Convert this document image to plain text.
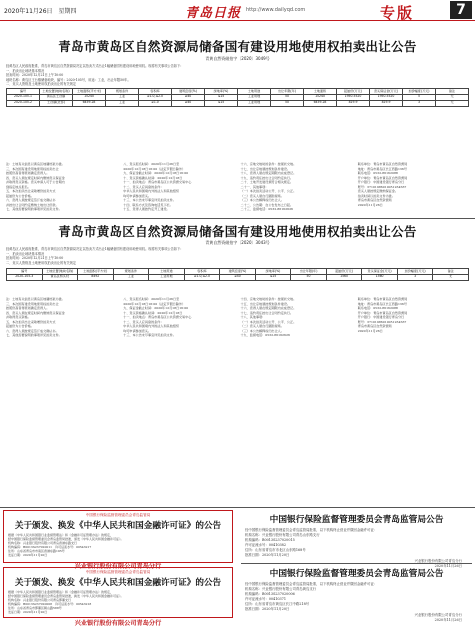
2020年11月26日　星期四	青岛日报 http://www.dailyqd.com	专版	7
青岛市黄岛区自然资源局储备国有建设用地使用权拍卖出让公告
青黄自然资储拍字〔2020〕3049号
经黄岛区人民政府批准，青岛市黄岛区自然资源局决定以拍卖方式出让1幅储备国有建设用地使用权。现将有关事项公告如下：
一、拍卖出让地块基本情况
拍卖时间：2020年12月21日上午10:00
地块名称：黄岛区王台镇储备地块，编号：2020-105号，用途：工业，出让年限50年。
二、竞买人资格及土地使用权拍卖出让的有关规定
编号	土地位置(地块名称)	土地面积(平方米)	规划条件	容积率	建筑密度(%)	绿地率(%)	土地用途	出让年限(年)	土地面积	起始价(万元)	竞买保证金(万元)	加价幅度(万元)	备注
2020-105-1	黄岛区王台镇	15240	工业	≥1.0,≤2.0	≥40	≤15	工业用地	50	15240	1950.5520	1950.5520	5	无
2020-105-2	王台镇(北部)	6459.28	工业	≥1.0	≥40	≤15	工业用地	50	6459.28	819.9	819.9	3	无
注：土地有关信息以黄岛区地籍档案为准。
三、本次国有建设用地使用权拍卖出让
按照价高者得原则确定竞得人。
四、竞买人须在规定时间内缴纳竞买保证金
并取得竞买资格。竞买申请人可于公告期内
到指定地点报名。
五、本次拍卖出让采取增价拍卖方式
起始价为公告价格。
六、竞得人须按规定签订成交确认书
并按出让合同约定缴纳土地出让价款。
七、其他需要说明的事项详见拍卖文件。
八、竞买报名时间：2020年11月26日至
2020年12月18日16:00（法定节假日除外）
九、保证金截止时间：2020年12月18日16:00
十、竞买资格确认时间：2020年12月18日
十一、拍卖地点：青岛市黄岛区公共资源交易中心
十二、竞买人应具备的条件：
中华人民共和国境内外的法人和其他组织
均可申请参加竞买。
十三、本公告未尽事宜详见拍卖文件。
十四、联系方式及咨询电话见下栏。
十五、竞得人须按约定开工建设。
十六、宗地交地时的条件：按现状交地。
十七、出让宗地须按规划条件建设。
十八、竞得人须在规定期限内完成登记。
十九、违约责任按出让合同约定执行。
二十、土地开发建设须符合相关规定。
二十一、其他事项：
（一）本次拍卖活动公开、公平、公正。
（二）竞买人须自行踏勘现场。
（三）本公告解释权归出让人。
二十二、公告期：自公告发布之日起。
二十三、监督电话：0532-86162626
联系单位：青岛市黄岛区自然资源局
地址：青岛市黄岛区长江西路136号
联系电话：0532-86162088
开户单位：青岛市黄岛区自然资源局
开户银行：中国建设银行青岛分行
账号：37101986010051234567
竞买人须按规定缴纳保证金。
拍卖时间以拍卖文件为准。
青岛市黄岛区自然资源局
2020年11月26日
青岛市黄岛区自然资源局储备国有建设用地使用权拍卖出让公告
青黄自然资储拍字〔2020〕3043号
经黄岛区人民政府批准，青岛市黄岛区自然资源局决定以拍卖方式出让1幅储备国有建设用地使用权。现将有关事项公告如下：
一、拍卖出让地块基本情况
拍卖时间：2020年12月21日上午10:00
二、竞买人资格及土地使用权拍卖出让的有关规定
编号	土地位置(地块名称)	土地面积(平方米)	规划条件	土地用途	容积率	建筑密度(%)	绿地率(%)	出让年限(年)	起始价(万元)	竞买保证金(万元)	加价幅度(万元)	备注
2020-105-3	黄岛区桥头村	8492	工业	工业用地	≥1.0,≤2.0	≥40	≤15	50	1560	1560	3	无
注：土地有关信息以黄岛区地籍档案为准。
三、本次国有建设用地使用权拍卖出让
按照价高者得原则确定竞得人。
四、竞买人须在规定时间内缴纳竞买保证金
并取得竞买资格。
五、本次拍卖出让采取增价拍卖方式
起始价为公告价格。
六、竞得人须按规定签订成交确认书。
七、其他需要说明的事项详见拍卖文件。
八、竞买报名时间：2020年11月26日至
2020年12月18日16:00（法定节假日除外）
九、保证金截止时间：2020年12月18日16:00
十、竞买资格确认时间：2020年12月18日
十一、拍卖地点：青岛市黄岛区公共资源交易中心
十二、竞买人应具备的条件：
中华人民共和国境内外的法人和其他组织
均可申请参加竞买。
十三、本公告未尽事宜详见拍卖文件。
十四、宗地交地时的条件：按现状交地。
十五、出让宗地须按规划条件建设。
十六、竞得人须在规定期限内完成登记。
十七、违约责任按出让合同约定执行。
十八、其他事项：
（一）本次拍卖活动公开、公平、公正。
（二）竞买人须自行踏勘现场。
（三）本公告解释权归出让人。
十九、监督电话：0532-86162626
联系单位：青岛市黄岛区自然资源局
地址：青岛市黄岛区长江西路136号
联系电话：0532-86162088
开户单位：青岛市黄岛区自然资源局
开户银行：中国建设银行青岛分行
账号：37101986010051234567
青岛市黄岛区自然资源局
2020年11月26日
中国银行保险监督管理委员会青岛监管局
关于颁发、换发《中华人民共和国金融许可证》的公告
根据《中华人民共和国银行业监督管理法》和《金融许可证管理办法》的规定，
经中国银行保险监督管理委员会青岛监管局批准，颁发《中华人民共和国金融许可证》。
机构名称：兴业银行股份有限公司青岛香港东路支行
机构编码：B0013S237020011　许可证流水号：00543217
住所：山东省青岛市市南区香港东路195号
发证日期：2020年11月20日
兴业银行股份有限公司青岛分行
中国银行保险监督管理委员会青岛监管局
关于颁发、换发《中华人民共和国金融许可证》的公告
根据《中华人民共和国银行业监督管理法》和《金融许可证管理办法》的规定，
经中国银行保险监督管理委员会青岛监管局批准，换发《中华人民共和国金融许可证》。
机构名称：兴业银行股份有限公司青岛即墨支行
机构编码：B0013S237020008　许可证流水号：00543218
住所：山东省青岛市即墨区鹤山路588号
发证日期：2020年11月20日
兴业银行股份有限公司青岛分行
中国银行保险监督管理委员会青岛监管局公告
经中国银行保险监督管理委员会青岛监管局批准，以下机构终止营业并缴回金融许可证：
机构名称：兴业银行股份有限公司青岛山东路支行
机构编码：B0013S237020015
许可证流水号：00410382
住所：山东省青岛市市北区山东路168号
批准日期：2020年11月20日
兴业银行股份有限公司青岛分行
2020年11月26日
中国银行保险监督管理委员会青岛监管局公告
经中国银行保险监督管理委员会青岛监管局批准，以下机构终止营业并缴回金融许可证：
机构名称：兴业银行股份有限公司青岛黄岛支行
机构编码：B0013S237020006
许可证流水号：00410371
住所：山东省青岛市黄岛区长江中路218号
批准日期：2020年11月20日
兴业银行股份有限公司青岛分行
2020年11月26日
